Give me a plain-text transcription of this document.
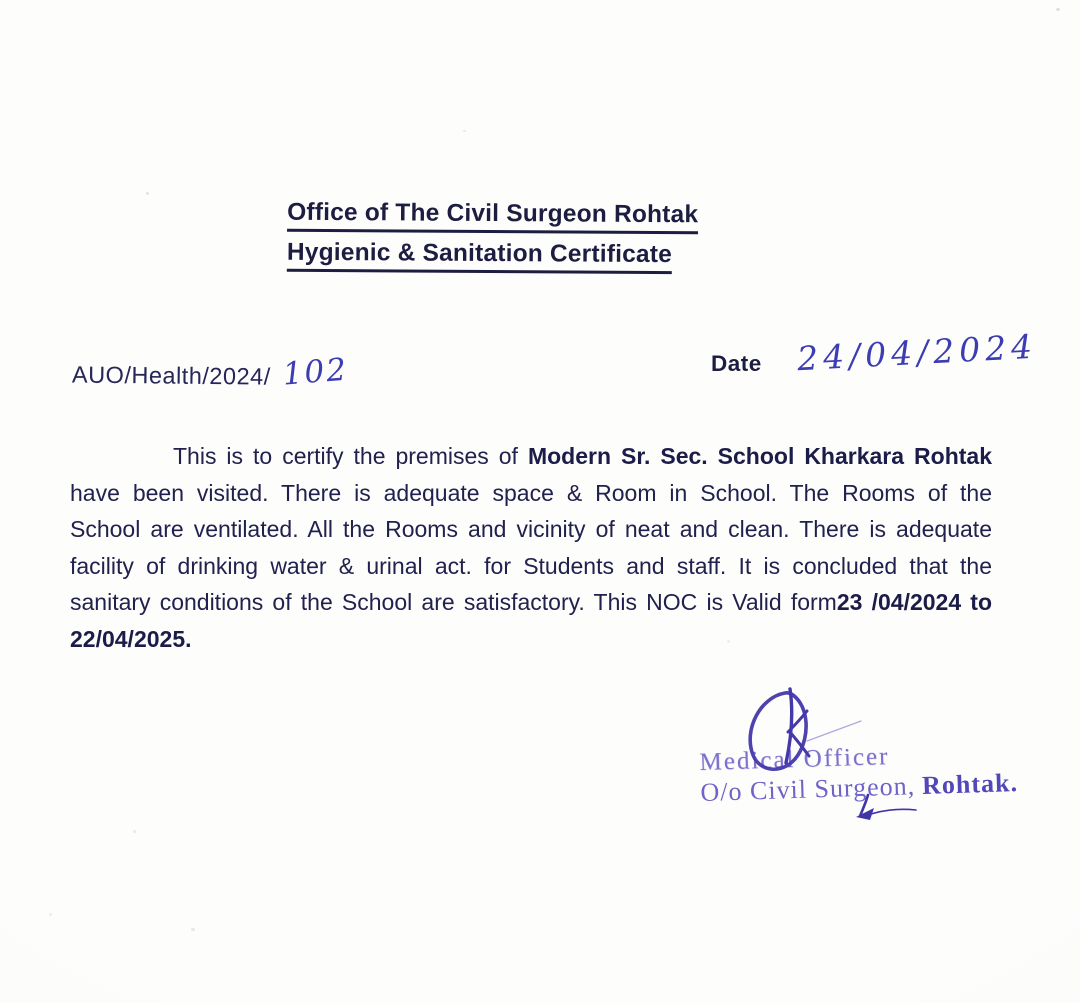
Office of The Civil Surgeon Rohtak
Hygienic & Sanitation Certificate
AUO/Health/2024/ 102	Date 24/04/2024

This is to certify the premises of Modern Sr. Sec. School Kharkara Rohtak have been visited. There is adequate space & Room in School. The Rooms of the School are ventilated. All the Rooms and vicinity of neat and clean. There is adequate facility of drinking water & urinal act. for Students and staff. It is concluded that the sanitary conditions of the School are satisfactory. This NOC is Valid form23 /04/2024 to 22/04/2025.

Medical Officer
O/o Civil Surgeon, Rohtak.
